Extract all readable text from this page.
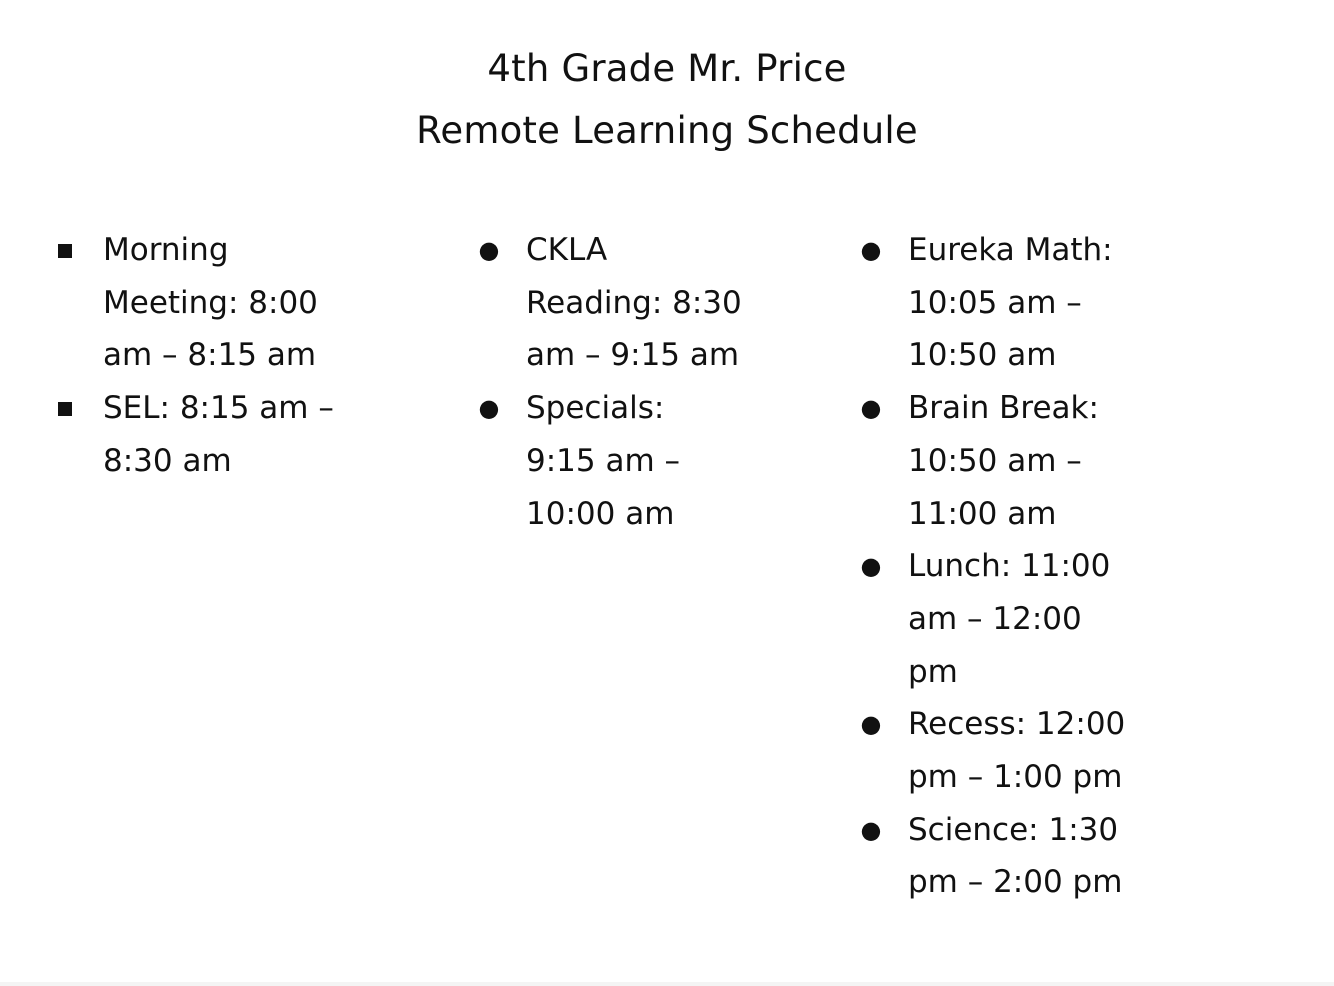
4th Grade Mr. Price
Remote Learning Schedule
Morning Meeting: 8:00 am – 8:15 am
SEL: 8:15 am – 8:30 am
● CKLA Reading: 8:30 am – 9:15 am
● Specials: 9:15 am – 10:00 am
● Eureka Math: 10:05 am – 10:50 am
● Brain Break: 10:50 am – 11:00 am
● Lunch: 11:00 am – 12:00 pm
● Recess: 12:00 pm – 1:00 pm
● Science: 1:30 pm – 2:00 pm
